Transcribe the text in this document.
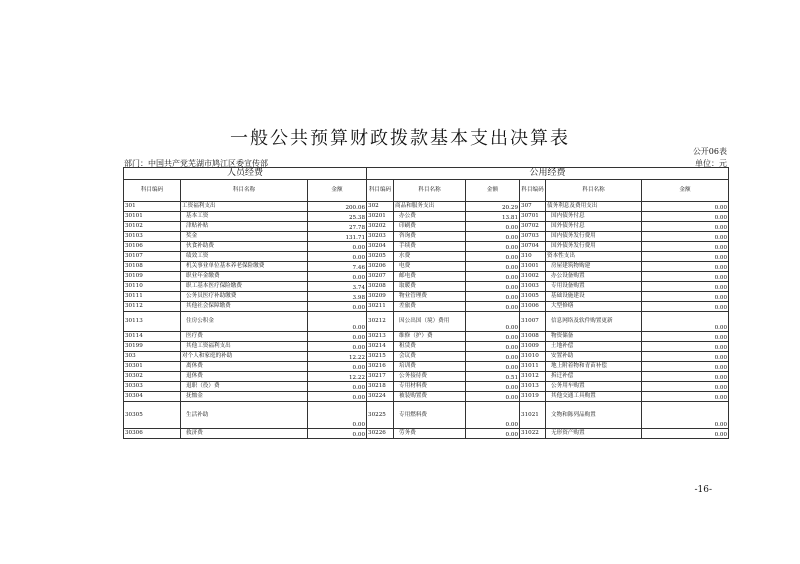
一般公共预算财政拨款基本支出决算表
公开06表
部门：中国共产党芜湖市鸠江区委宣传部	单位：元
人员经费			公用经费					
科目编码	科目名称	金额	科目编码	科目名称	金额	科目编码	科目名称	金额
301	工资福利支出	200.06	302	商品和服务支出	20.29	307	债务利息及费用支出	0.00
30101	基本工资	25.38	30201	办公费	13.81	30701	国内债务付息	0.00
30102	津贴补贴	27.78	30202	印刷费	0.00	30702	国外债务付息	0.00
30103	奖金	131.71	30203	咨询费	0.00	30703	国内债务发行费用	0.00
30106	伙食补助费	0.00	30204	手续费	0.00	30704	国外债务发行费用	0.00
30107	绩效工资	0.00	30205	水费	0.00	310	资本性支出	0.00
30108	机关事业单位基本养老保险缴费	7.46	30206	电费	0.00	31001	房屋建筑物购建	0.00
30109	职业年金缴费	0.00	30207	邮电费	0.00	31002	办公设备购置	0.00
30110	职工基本医疗保险缴费	3.74	30208	取暖费	0.00	31003	专用设备购置	0.00
30111	公务员医疗补助缴费	3.98	30209	物业管理费	0.00	31005	基础设施建设	0.00
30112	其他社会保障缴费	0.00	30211	差旅费	0.00	31006	大型修缮	0.00
30113	住房公积金	0.00	30212	因公出国（境）费用	0.00	31007	信息网络及软件购置更新	0.00
30114	医疗费	0.00	30213	维修（护）费	0.00	31008	物资储备	0.00
30199	其他工资福利支出	0.00	30214	租赁费	0.00	31009	土地补偿	0.00
303	对个人和家庭的补助	12.22	30215	会议费	0.00	31010	安置补助	0.00
30301	离休费	0.00	30216	培训费	0.00	31011	地上附着物和青苗补偿	0.00
30302	退休费	12.22	30217	公务接待费	0.51	31012	拆迁补偿	0.00
30303	退职（役）费	0.00	30218	专用材料费	0.00	31013	公务用车购置	0.00
30304	抚恤金	0.00	30224	被装购置费	0.00	31019	其他交通工具购置	0.00
30305	生活补助	0.00	30225	专用燃料费	0.00	31021	文物和陈列品购置	0.00
30306	救济费	0.00	30226	劳务费	0.00	31022	无形资产购置	0.00
-16-
